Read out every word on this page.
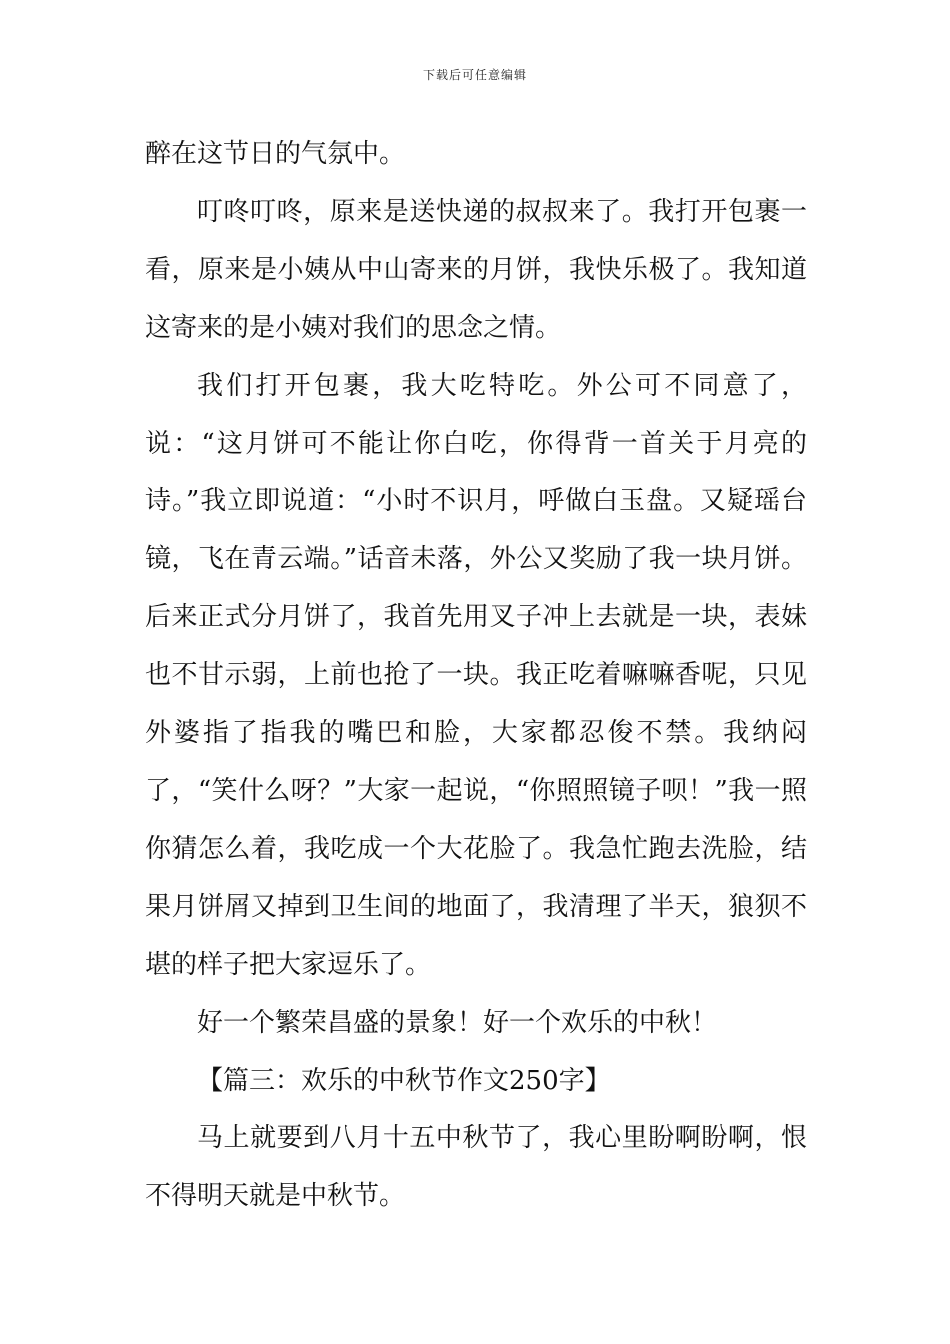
下载后可任意编辑

醉在这节日的气氛中。

叮咚叮咚，原来是送快递的叔叔来了。我打开包裹一看，原来是小姨从中山寄来的月饼，我快乐极了。我知道这寄来的是小姨对我们的思念之情。

我们打开包裹，我大吃特吃。外公可不同意了，说：“这月饼可不能让你白吃，你得背一首关于月亮的诗。”我立即说道：“小时不识月，呼做白玉盘。又疑瑶台镜，飞在青云端。”话音未落，外公又奖励了我一块月饼。后来正式分月饼了，我首先用叉子冲上去就是一块，表妹也不甘示弱，上前也抢了一块。我正吃着嘛嘛香呢，只见外婆指了指我的嘴巴和脸，大家都忍俊不禁。我纳闷了，“笑什么呀？”大家一起说，“你照照镜子呗！”我一照你猜怎么着，我吃成一个大花脸了。我急忙跑去洗脸，结果月饼屑又掉到卫生间的地面了，我清理了半天，狼狈不堪的样子把大家逗乐了。

好一个繁荣昌盛的景象！好一个欢乐的中秋！

【篇三：欢乐的中秋节作文250字】

马上就要到八月十五中秋节了，我心里盼啊盼啊，恨不得明天就是中秋节。
